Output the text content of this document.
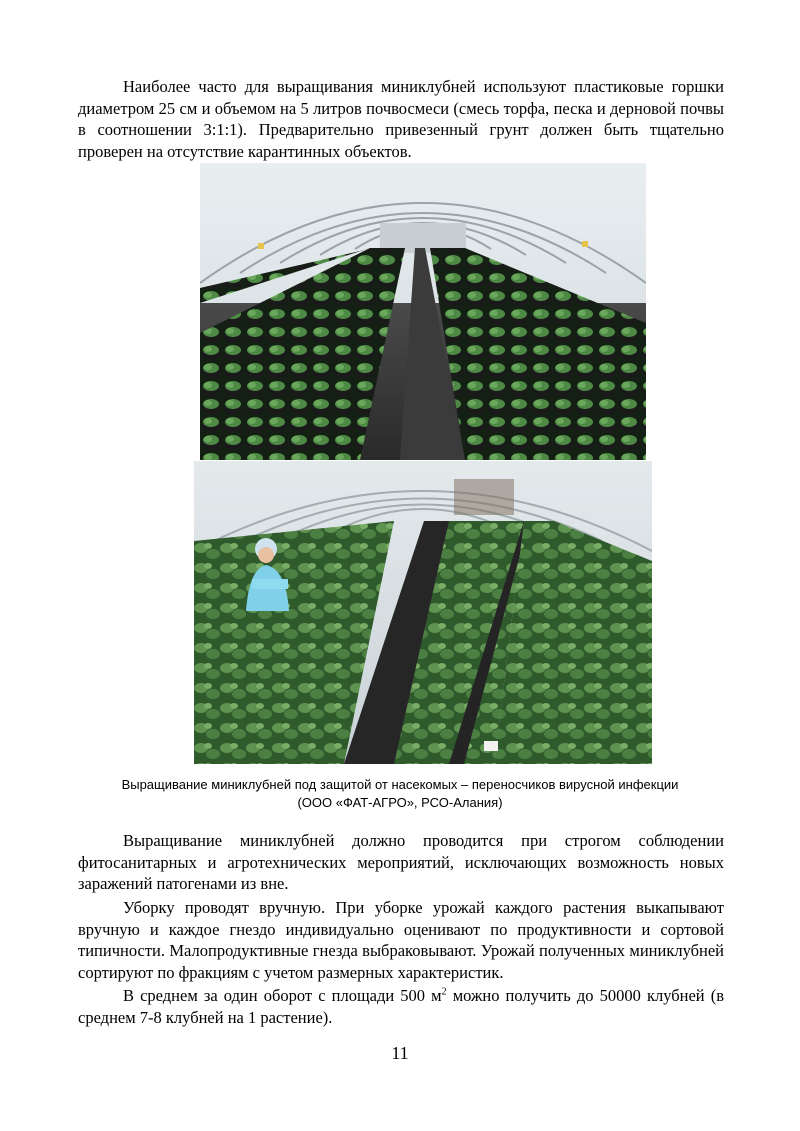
Наиболее часто для выращивания миниклубней используют пластиковые горшки диаметром 25 см и объемом на 5 литров почвосмеси (смесь торфа, песка и дерновой почвы в соотношении 3:1:1). Предварительно привезенный грунт должен быть тщательно проверен на отсутствие карантинных объектов.

Выращивание миниклубней под защитой от насекомых – переносчиков вирусной инфекции
(ООО «ФАТ-АГРО», РСО-Алания)

Выращивание миниклубней должно проводится при строгом соблюдении фитосанитарных и агротехнических мероприятий, исключающих возможность новых заражений патогенами из вне.

Уборку проводят вручную. При уборке урожай каждого растения выкапывают вручную и каждое гнездо индивидуально оценивают по продуктивности и сортовой типичности. Малопродуктивные гнезда выбраковывают. Урожай полученных миниклубней сортируют по фракциям с учетом размерных характеристик.

В среднем за один оборот с площади 500 $м^2$ можно получить до 50000 клубней (в среднем 7-8 клубней на 1 растение).

11
